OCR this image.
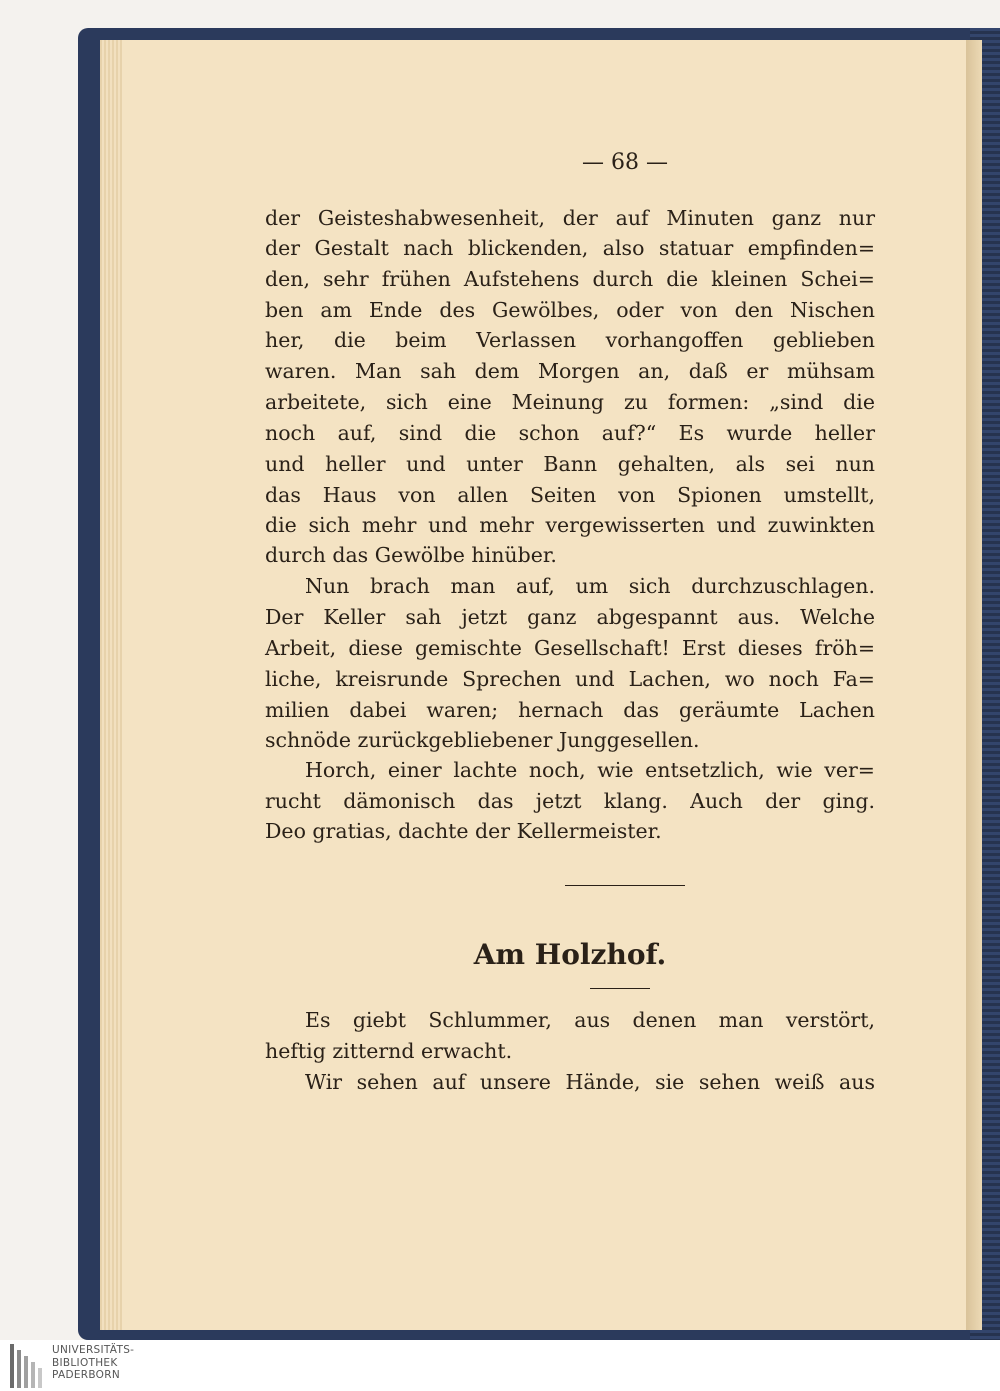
— 68 —
der Geisteshabwesenheit, der auf Minuten ganz nur
der Gestalt nach blickenden, also statuar empfinden=
den, sehr frühen Aufstehens durch die kleinen Schei=
ben am Ende des Gewölbes, oder von den Nischen
her, die beim Verlassen vorhangoffen geblieben
waren. Man sah dem Morgen an, daß er mühsam
arbeitete, sich eine Meinung zu formen: „sind die
noch auf, sind die schon auf?“ Es wurde heller
und heller und unter Bann gehalten, als sei nun
das Haus von allen Seiten von Spionen umstellt,
die sich mehr und mehr vergewisserten und zuwinkten
durch das Gewölbe hinüber.
Nun brach man auf, um sich durchzuschlagen.
Der Keller sah jetzt ganz abgespannt aus. Welche
Arbeit, diese gemischte Gesellschaft! Erst dieses fröh=
liche, kreisrunde Sprechen und Lachen, wo noch Fa=
milien dabei waren; hernach das geräumte Lachen
schnöde zurückgebliebener Junggesellen.
Horch, einer lachte noch, wie entsetzlich, wie ver=
rucht dämonisch das jetzt klang. Auch der ging.
Deo gratias, dachte der Kellermeister.
Am Holzhof.
Es giebt Schlummer, aus denen man verstört,
heftig zitternd erwacht.
Wir sehen auf unsere Hände, sie sehen weiß aus
UNIVERSITÄTS-
BIBLIOTHEK
PADERBORN
